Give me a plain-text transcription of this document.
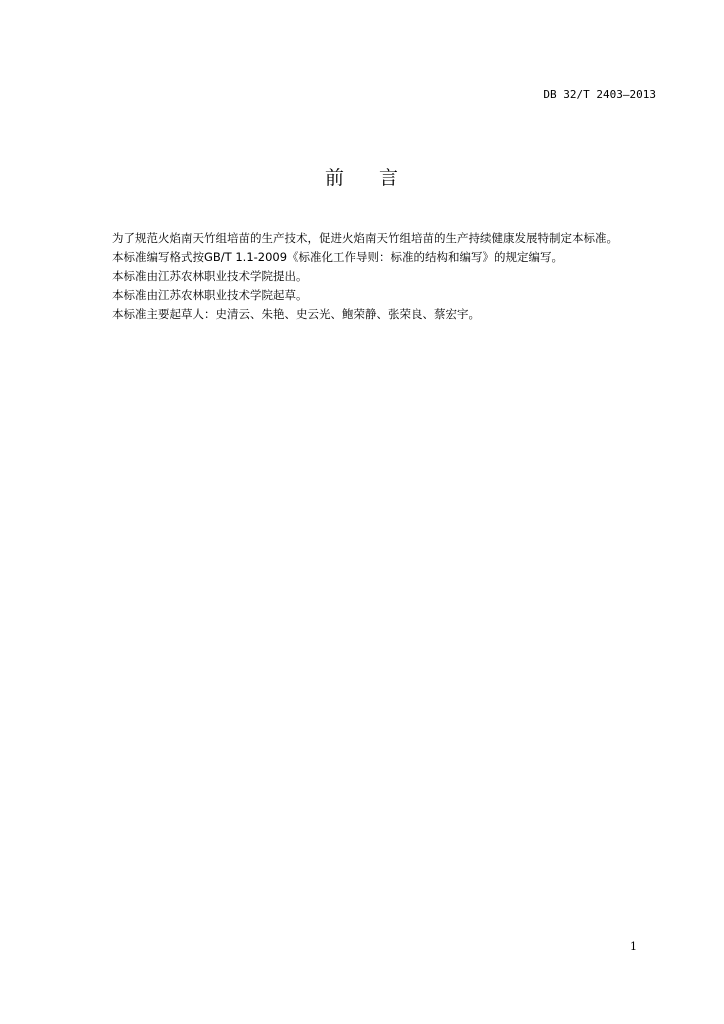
DB 32/T 2403—2013
前 言

为了规范火焰南天竹组培苗的生产技术，促进火焰南天竹组培苗的生产持续健康发展特制定本标准。

本标准编写格式按GB/T 1.1-2009《标准化工作导则：标准的结构和编写》的规定编写。

本标准由江苏农林职业技术学院提出。

本标准由江苏农林职业技术学院起草。

本标准主要起草人：史清云、朱艳、史云光、鲍荣静、张荣良、蔡宏宇。

1
